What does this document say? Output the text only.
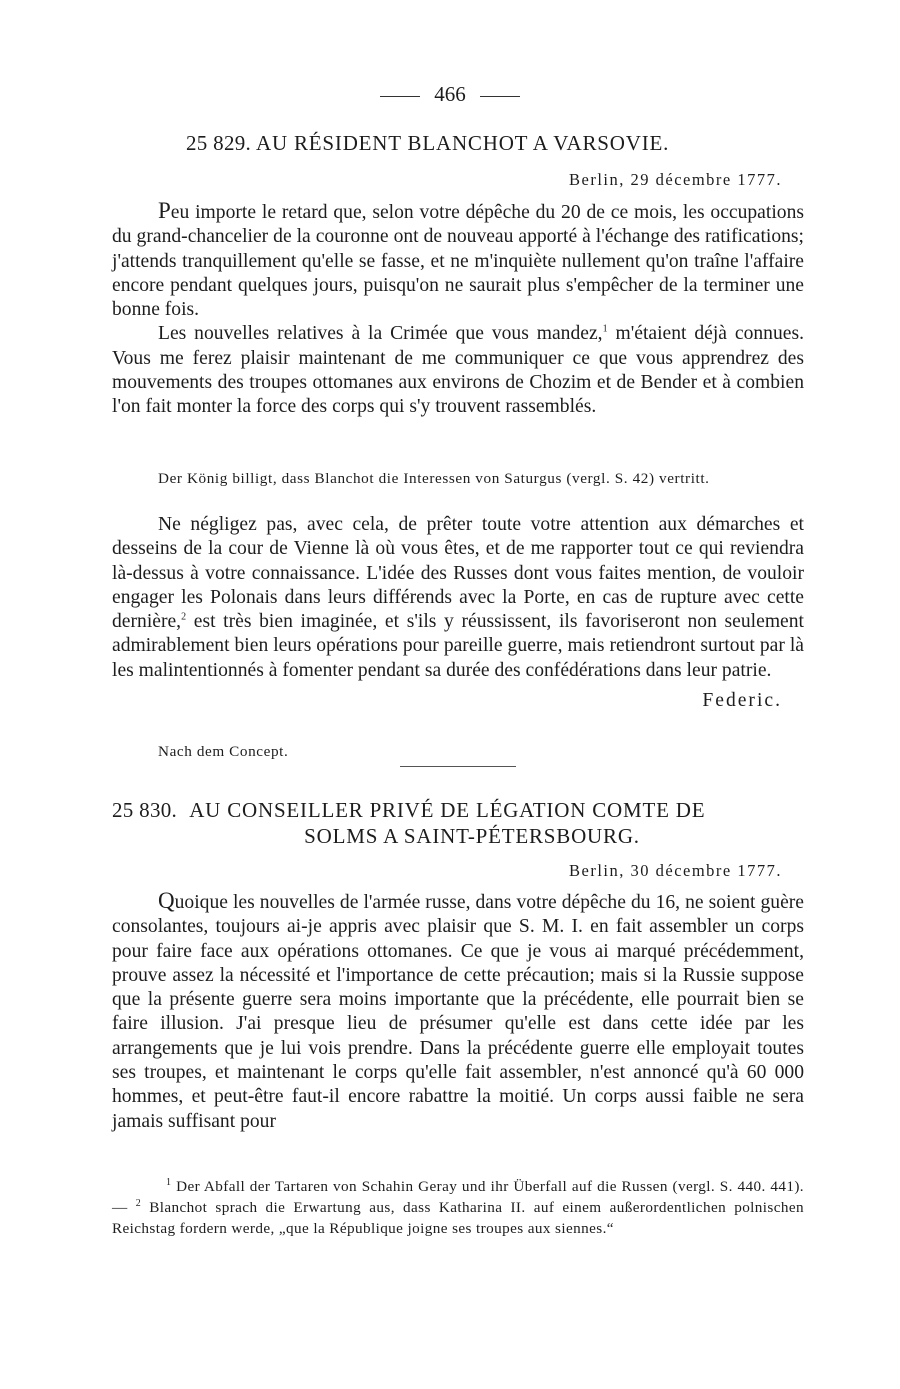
466
25 829. AU RÉSIDENT BLANCHOT A VARSOVIE.
Berlin, 29 décembre 1777.

Peu importe le retard que, selon votre dépêche du 20 de ce mois, les occupations du grand-chancelier de la couronne ont de nouveau apporté à l'échange des ratifications; j'attends tranquillement qu'elle se fasse, et ne m'inquiète nullement qu'on traîne l'affaire encore pendant quelques jours, puisqu'on ne saurait plus s'empêcher de la terminer une bonne fois.

Les nouvelles relatives à la Crimée que vous mandez,$^1$ m'étaient déjà connues. Vous me ferez plaisir maintenant de me communiquer ce que vous apprendrez des mouvements des troupes ottomanes aux environs de Chozim et de Bender et à combien l'on fait monter la force des corps qui s'y trouvent rassemblés.

Der König billigt, dass Blanchot die Interessen von Saturgus (vergl. S. 42) vertritt.

Ne négligez pas, avec cela, de prêter toute votre attention aux démarches et desseins de la cour de Vienne là où vous êtes, et de me rapporter tout ce qui reviendra là-dessus à votre connaissance. L'idée des Russes dont vous faites mention, de vouloir engager les Polonais dans leurs différends avec la Porte, en cas de rupture avec cette dernière,$^2$ est très bien imaginée, et s'ils y réussissent, ils favoriseront non seulement admirablement bien leurs opérations pour pareille guerre, mais retiendront surtout par là les malintentionnés à fomenter pendant sa durée des confédérations dans leur patrie.
Federic.

Nach dem Concept.
25 830. AU CONSEILLER PRIVÉ DE LÉGATION COMTE DE
SOLMS A SAINT-PÉTERSBOURG.
Berlin, 30 décembre 1777.

Quoique les nouvelles de l'armée russe, dans votre dépêche du 16, ne soient guère consolantes, toujours ai-je appris avec plaisir que S. M. I. en fait assembler un corps pour faire face aux opérations ottomanes. Ce que je vous ai marqué précédemment, prouve assez la nécessité et l'importance de cette précaution; mais si la Russie suppose que la présente guerre sera moins importante que la précédente, elle pourrait bien se faire illusion. J'ai presque lieu de présumer qu'elle est dans cette idée par les arrangements que je lui vois prendre. Dans la précédente guerre elle employait toutes ses troupes, et maintenant le corps qu'elle fait assembler, n'est annoncé qu'à 60 000 hommes, et peut-être faut-il encore rabattre la moitié. Un corps aussi faible ne sera jamais suffisant pour

$^1$ Der Abfall der Tartaren von Schahin Geray und ihr Überfall auf die Russen (vergl. S. 440. 441). — $^2$ Blanchot sprach die Erwartung aus, dass Katharina II. auf einem außerordentlichen polnischen Reichstag fordern werde, „que la République joigne ses troupes aux siennes.“
